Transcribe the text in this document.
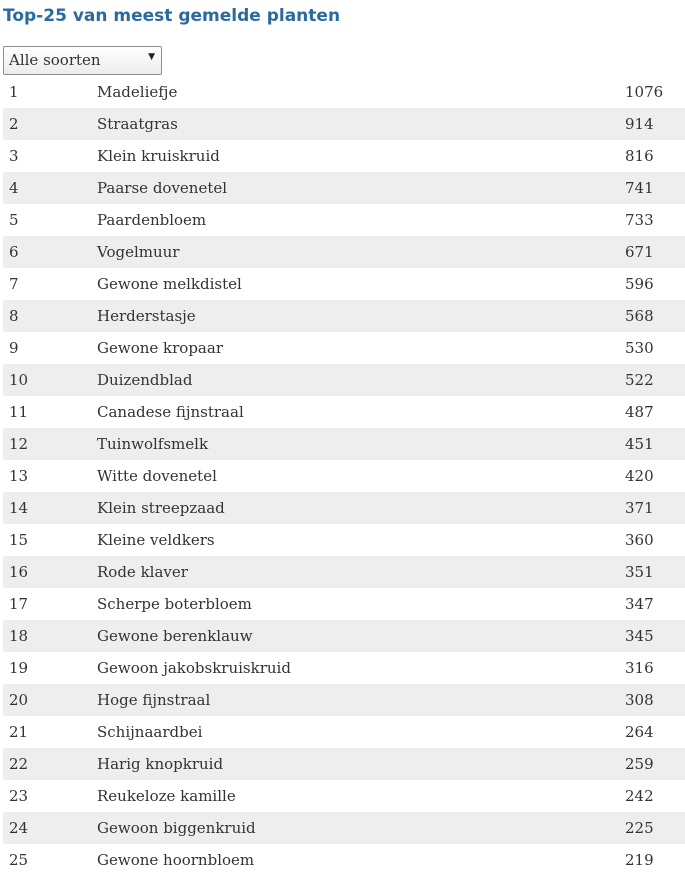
Top-25 van meest gemelde planten
Alle soorten	▼
1	Madeliefje	1076
2	Straatgras	914
3	Klein kruiskruid	816
4	Paarse dovenetel	741
5	Paardenbloem	733
6	Vogelmuur	671
7	Gewone melkdistel	596
8	Herderstasje	568
9	Gewone kropaar	530
10	Duizendblad	522
11	Canadese fijnstraal	487
12	Tuinwolfsmelk	451
13	Witte dovenetel	420
14	Klein streepzaad	371
15	Kleine veldkers	360
16	Rode klaver	351
17	Scherpe boterbloem	347
18	Gewone berenklauw	345
19	Gewoon jakobskruiskruid	316
20	Hoge fijnstraal	308
21	Schijnaardbei	264
22	Harig knopkruid	259
23	Reukeloze kamille	242
24	Gewoon biggenkruid	225
25	Gewone hoornbloem	219
